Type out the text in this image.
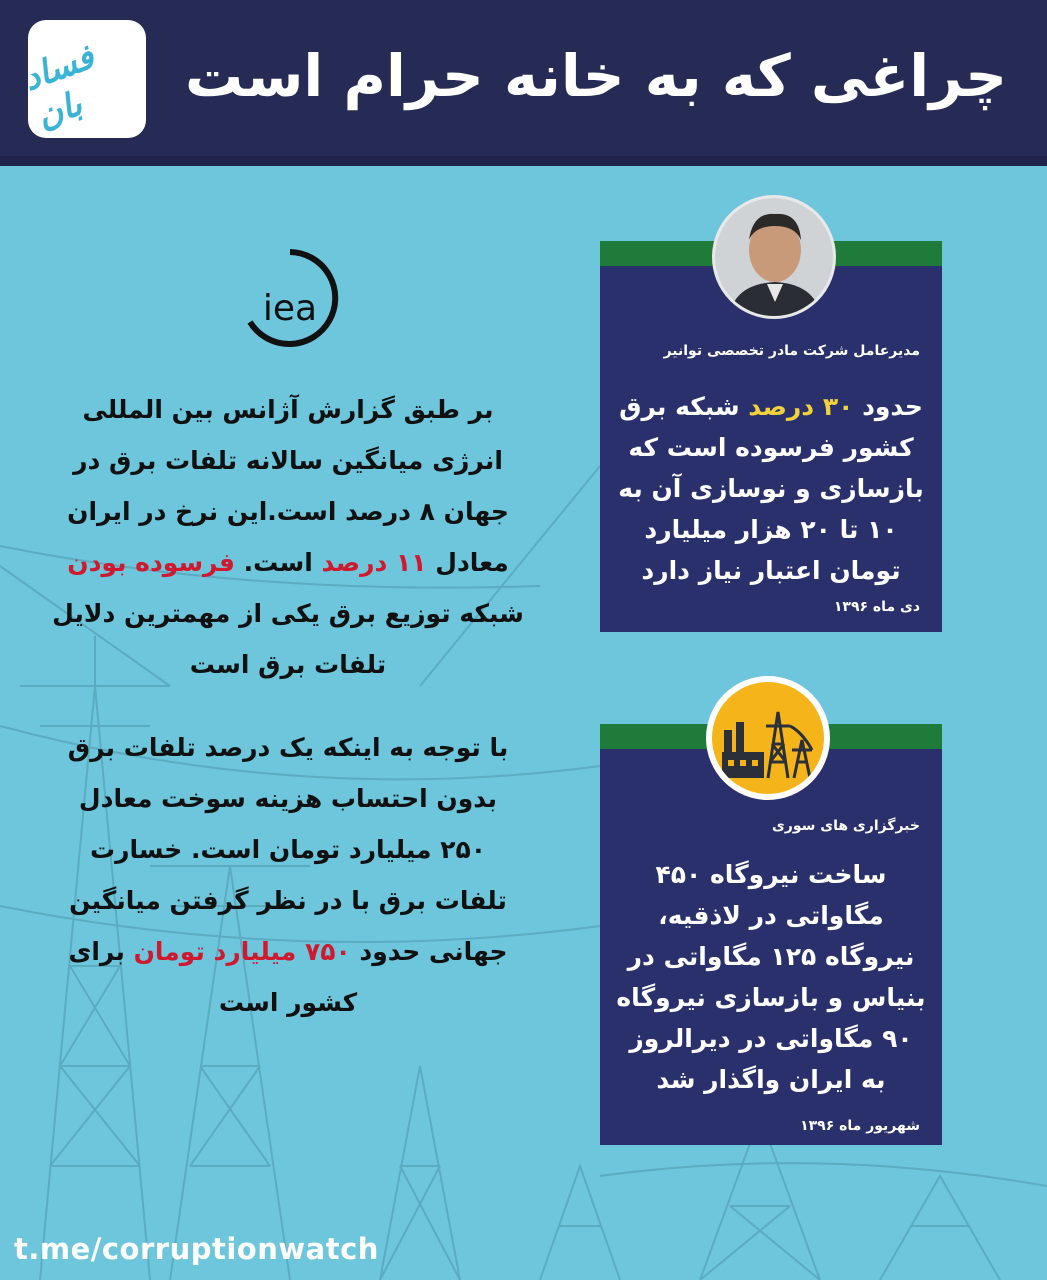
فساد بان
چراغی که به خانه حرام است
iea
بر طبق گزارش آژانس بین المللی انرژی میانگین سالانه تلفات برق در جهان ۸ درصد است.این نرخ در ایران معادل ۱۱ درصد است. فرسوده بودن شبکه توزیع برق یکی از مهمترین دلایل تلفات برق است
با توجه به اینکه یک درصد تلفات برق بدون احتساب هزینه سوخت معادل ۲۵۰ میلیارد تومان است. خسارت تلفات برق با در نظر گرفتن میانگین جهانی حدود ۷۵۰ میلیارد تومان برای کشور است
مدیرعامل شرکت مادر تخصصی توانیر
حدود ۳۰ درصد شبکه برق کشور فرسوده است که بازسازی و نوسازی آن به ۱۰ تا ۲۰ هزار میلیارد تومان اعتبار نیاز دارد
دی ماه ۱۳۹۶
خبرگزاری های سوری
ساخت نیروگاه ۴۵۰ مگاواتی در لاذقیه، نیروگاه ۱۲۵ مگاواتی در بنیاس و بازسازی نیروگاه ۹۰ مگاواتی در دیرالروز به ایران واگذار شد
شهریور ماه ۱۳۹۶
t.me/corruptionwatch
